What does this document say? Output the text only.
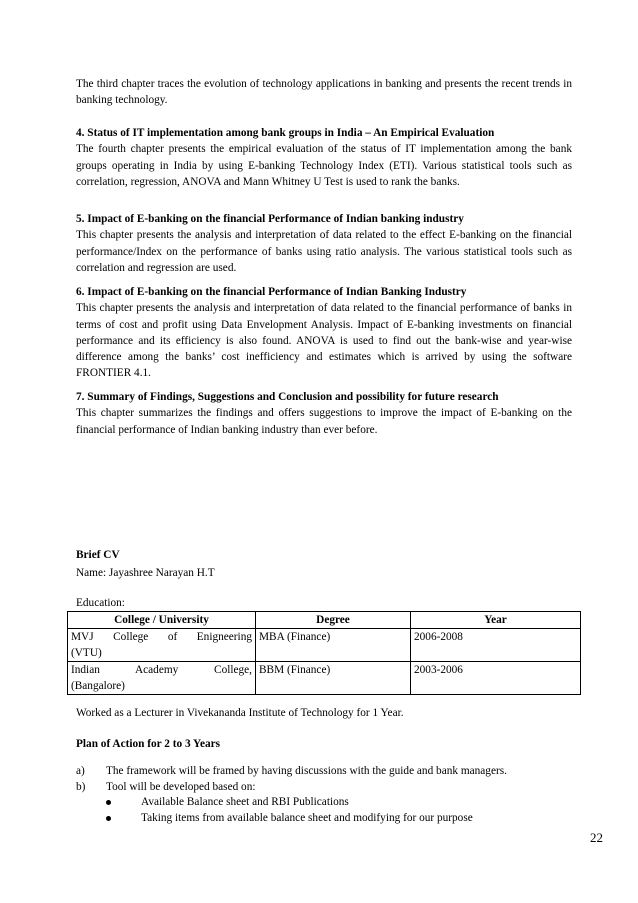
The third chapter traces the evolution of technology applications in banking and presents the recent trends in banking technology.
4. Status of IT implementation among bank groups in India – An Empirical Evaluation
The fourth chapter presents the empirical evaluation of the status of IT implementation among the bank groups operating in India by using E-banking Technology Index (ETI). Various statistical tools such as correlation, regression, ANOVA and Mann Whitney U Test is used to rank the banks.
5. Impact of E-banking on the financial Performance of Indian banking industry
This chapter presents the analysis and interpretation of data related to the effect E-banking on the financial performance/Index on the performance of banks using ratio analysis. The various statistical tools such as correlation and regression are used.
6. Impact of E-banking on the financial Performance of Indian Banking Industry
This chapter presents the analysis and interpretation of data related to the financial performance of banks in terms of cost and profit using Data Envelopment Analysis. Impact of E-banking investments on financial performance and its efficiency is also found. ANOVA is used to find out the bank-wise and year-wise difference among the banks’ cost inefficiency and estimates which is arrived by using the software FRONTIER 4.1.
7. Summary of Findings, Suggestions and Conclusion and possibility for future research
This chapter summarizes the findings and offers suggestions to improve the impact of E-banking on the financial performance of Indian banking industry than ever before.
Brief CV
Name: Jayashree Narayan H.T
Education:
College / University	Degree	Year

MVJ College of Enigneering
(VTU)	MBA (Finance)	2006-2008

Indian Academy College,
(Bangalore)	BBM (Finance)	2003-2006
Worked as a Lecturer in Vivekananda Institute of Technology for 1 Year.
Plan of Action for 2 to 3 Years
a) The framework will be framed by having discussions with the guide and bank managers.
b) Tool will be developed based on:
Available Balance sheet and RBI Publications
Taking items from available balance sheet and modifying for our purpose
22
